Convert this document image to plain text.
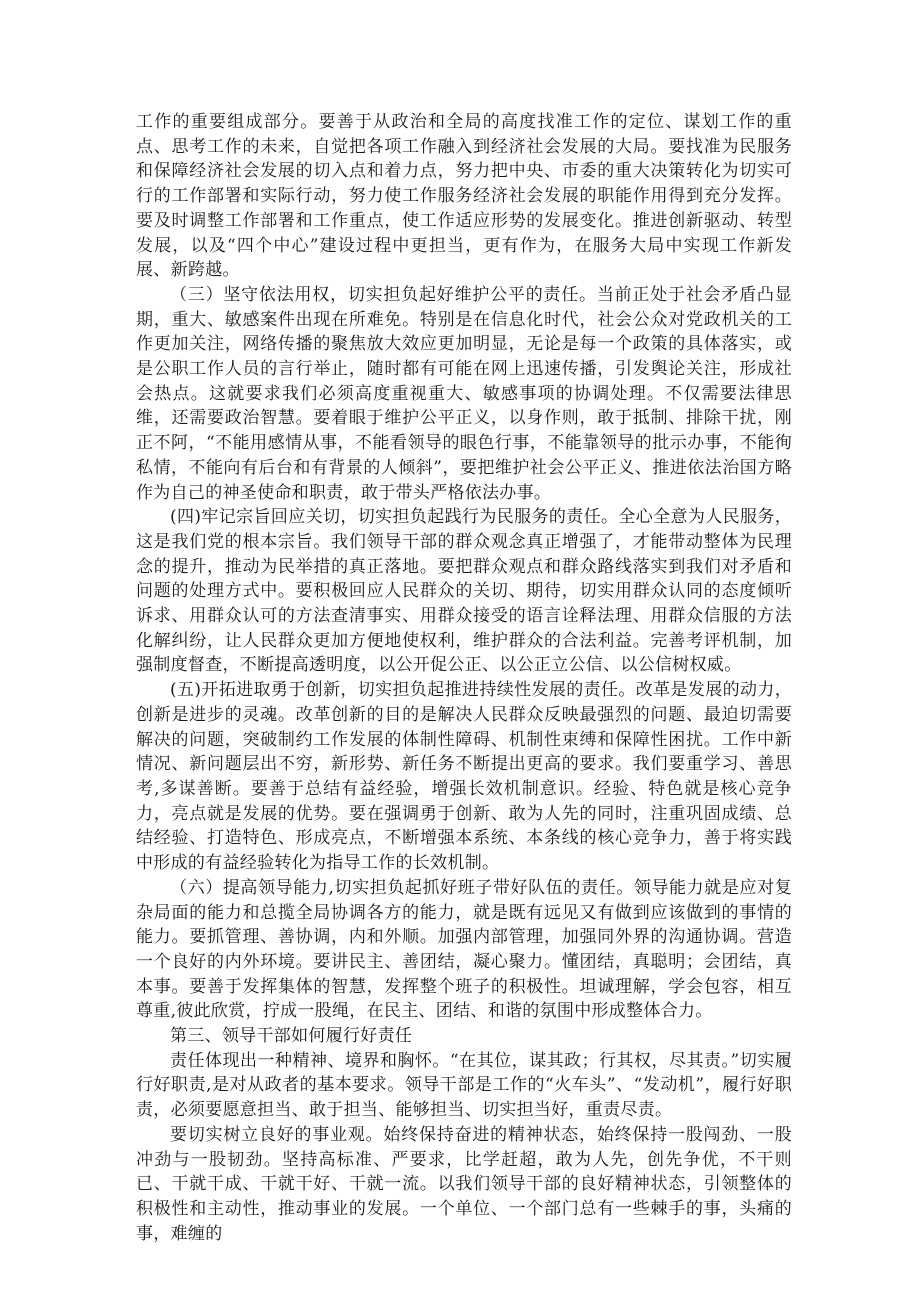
工作的重要组成部分。要善于从政治和全局的高度找准工作的定位、谋划工作的重点、思考工作的未来，自觉把各项工作融入到经济社会发展的大局。要找准为民服务和保障经济社会发展的切入点和着力点，努力把中央、市委的重大决策转化为切实可行的工作部署和实际行动，努力使工作服务经济社会发展的职能作用得到充分发挥。要及时调整工作部署和工作重点，使工作适应形势的发展变化。推进创新驱动、转型发展，以及“四个中心”建设过程中更担当，更有作为，在服务大局中实现工作新发展、新跨越。

（三）坚守依法用权，切实担负起好维护公平的责任。当前正处于社会矛盾凸显期，重大、敏感案件出现在所难免。特别是在信息化时代，社会公众对党政机关的工作更加关注，网络传播的聚焦放大效应更加明显，无论是每一个政策的具体落实，或是公职工作人员的言行举止，随时都有可能在网上迅速传播，引发舆论关注，形成社会热点。这就要求我们必须高度重视重大、敏感事项的协调处理。不仅需要法律思维，还需要政治智慧。要着眼于维护公平正义，以身作则，敢于抵制、排除干扰，刚正不阿，“不能用感情从事，不能看领导的眼色行事，不能靠领导的批示办事，不能徇私情，不能向有后台和有背景的人倾斜”，要把维护社会公平正义、推进依法治国方略作为自己的神圣使命和职责，敢于带头严格依法办事。

(四)牢记宗旨回应关切，切实担负起践行为民服务的责任。全心全意为人民服务，这是我们党的根本宗旨。我们领导干部的群众观念真正增强了，才能带动整体为民理念的提升，推动为民举措的真正落地。要把群众观点和群众路线落实到我们对矛盾和问题的处理方式中。要积极回应人民群众的关切、期待，切实用群众认同的态度倾听诉求、用群众认可的方法查清事实、用群众接受的语言诠释法理、用群众信服的方法化解纠纷，让人民群众更加方便地使权利，维护群众的合法利益。完善考评机制，加强制度督查，不断提高透明度，以公开促公正、以公正立公信、以公信树权威。

(五)开拓进取勇于创新，切实担负起推进持续性发展的责任。改革是发展的动力，创新是进步的灵魂。改革创新的目的是解决人民群众反映最强烈的问题、最迫切需要解决的问题，突破制约工作发展的体制性障碍、机制性束缚和保障性困扰。工作中新情况、新问题层出不穷，新形势、新任务不断提出更高的要求。我们要重学习、善思考,多谋善断。要善于总结有益经验，增强长效机制意识。经验、特色就是核心竞争力，亮点就是发展的优势。要在强调勇于创新、敢为人先的同时，注重巩固成绩、总结经验、打造特色、形成亮点，不断增强本系统、本条线的核心竞争力，善于将实践中形成的有益经验转化为指导工作的长效机制。

（六）提高领导能力,切实担负起抓好班子带好队伍的责任。领导能力就是应对复杂局面的能力和总揽全局协调各方的能力，就是既有远见又有做到应该做到的事情的能力。要抓管理、善协调，内和外顺。加强内部管理，加强同外界的沟通协调。营造一个良好的内外环境。要讲民主、善团结，凝心聚力。懂团结，真聪明；会团结，真本事。要善于发挥集体的智慧，发挥整个班子的积极性。坦诚理解，学会包容，相互尊重,彼此欣赏，拧成一股绳，在民主、团结、和谐的氛围中形成整体合力。

第三、领导干部如何履行好责任

责任体现出一种精神、境界和胸怀。“在其位，谋其政；行其权，尽其责。”切实履行好职责,是对从政者的基本要求。领导干部是工作的“火车头”、“发动机”，履行好职责，必须要愿意担当、敢于担当、能够担当、切实担当好，重责尽责。

要切实树立良好的事业观。始终保持奋进的精神状态，始终保持一股闯劲、一股冲劲与一股韧劲。坚持高标准、严要求，比学赶超，敢为人先，创先争优，不干则已、干就干成、干就干好、干就一流。以我们领导干部的良好精神状态，引领整体的积极性和主动性，推动事业的发展。一个单位、一个部门总有一些棘手的事，头痛的事，难缠的
